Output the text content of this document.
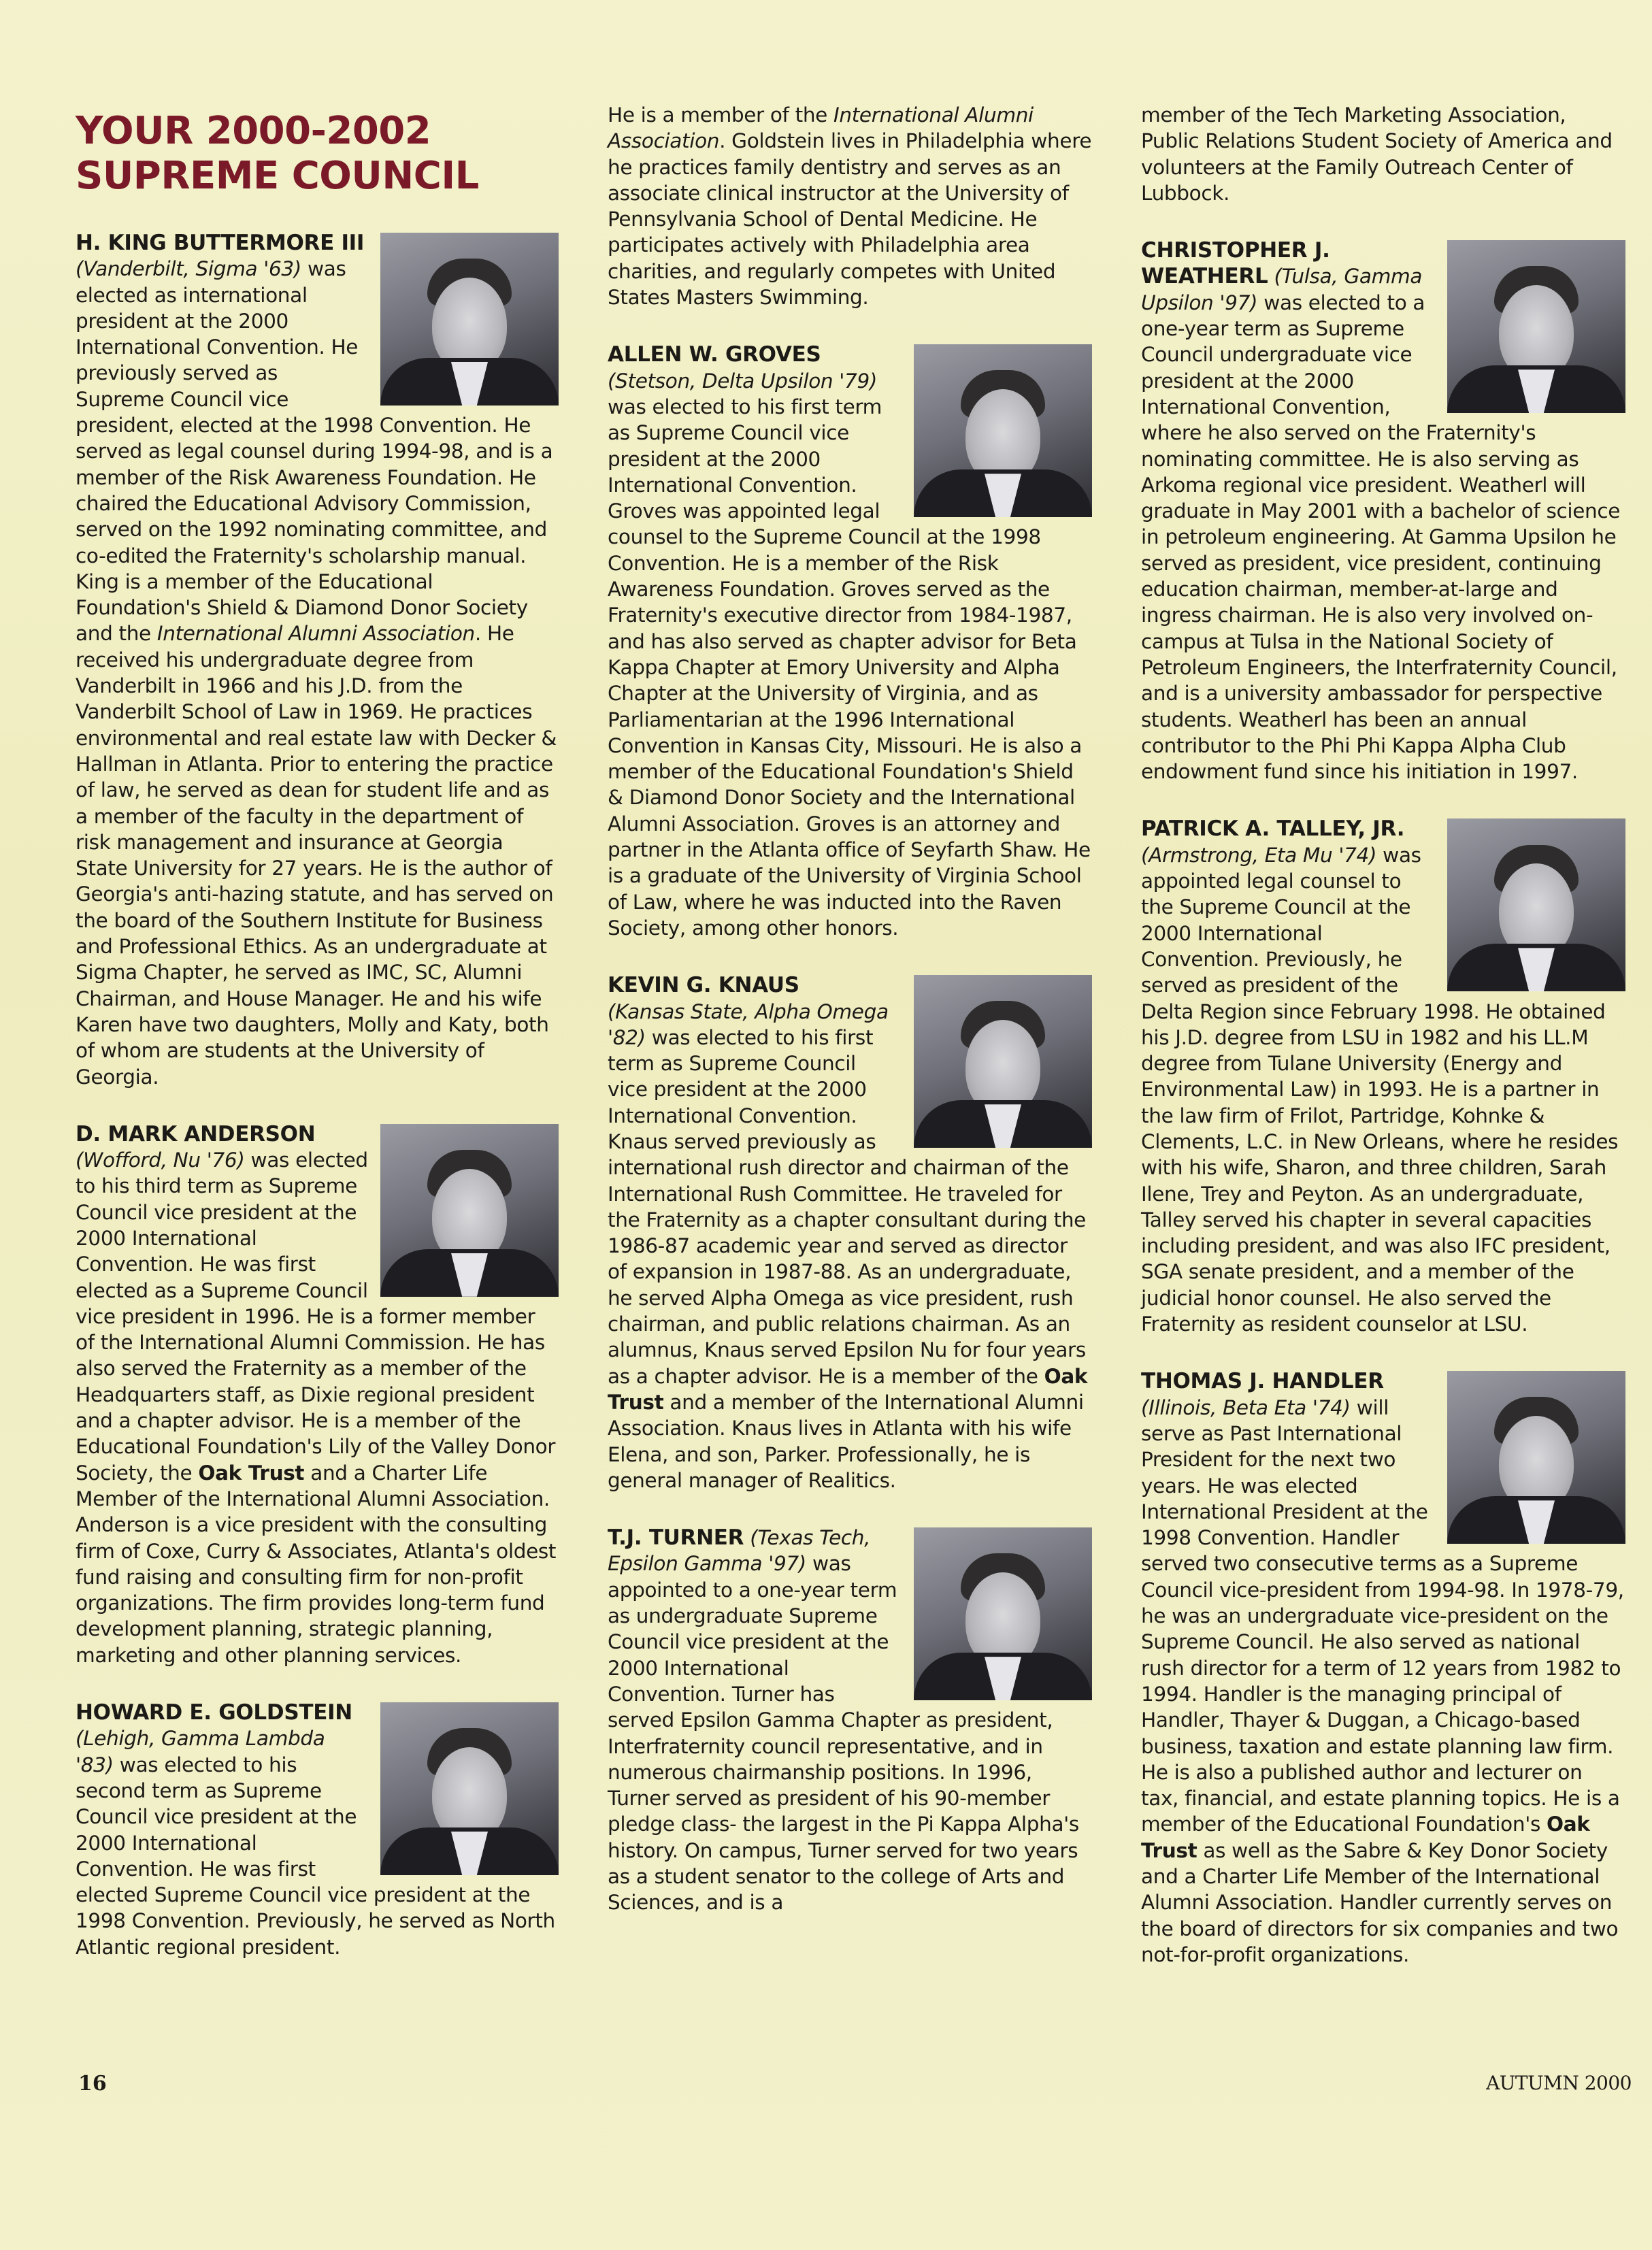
YOUR 2000-2002
SUPREME COUNCIL

H. KING BUTTERMORE III
(Vanderbilt, Sigma '63) was elected as international president at the 2000 International Convention. He previously served as Supreme Council vice president, elected at the 1998 Convention. He served as legal counsel during 1994-98, and is a member of the Risk Awareness Foundation. He chaired the Educational Advisory Commission, served on the 1992 nominating committee, and co-edited the Fraternity's scholarship manual. King is a member of the Educational Foundation's Shield & Diamond Donor Society and the International Alumni Association. He received his undergraduate degree from Vanderbilt in 1966 and his J.D. from the Vanderbilt School of Law in 1969. He practices environmental and real estate law with Decker & Hallman in Atlanta. Prior to entering the practice of law, he served as dean for student life and as a member of the faculty in the department of risk management and insurance at Georgia State University for 27 years. He is the author of Georgia's anti-hazing statute, and has served on the board of the Southern Institute for Business and Professional Ethics. As an undergraduate at Sigma Chapter, he served as IMC, SC, Alumni Chairman, and House Manager. He and his wife Karen have two daughters, Molly and Katy, both of whom are students at the University of Georgia.

D. MARK ANDERSON
(Wofford, Nu '76) was elected to his third term as Supreme Council vice president at the 2000 International Convention. He was first elected as a Supreme Council vice president in 1996. He is a former member of the International Alumni Commission. He has also served the Fraternity as a member of the Headquarters staff, as Dixie regional president and a chapter advisor. He is a member of the Educational Foundation's Lily of the Valley Donor Society, the Oak Trust and a Charter Life Member of the International Alumni Association. Anderson is a vice president with the consulting firm of Coxe, Curry & Associates, Atlanta's oldest fund raising and consulting firm for non-profit organizations. The firm provides long-term fund development planning, strategic planning, marketing and other planning services.

HOWARD E. GOLDSTEIN (Lehigh, Gamma Lambda '83) was elected to his second term as Supreme Council vice president at the 2000 International Convention. He was first elected Supreme Council vice president at the 1998 Convention. Previously, he served as North Atlantic regional president.

He is a member of the International Alumni Association. Goldstein lives in Philadelphia where he practices family dentistry and serves as an associate clinical instructor at the University of Pennsylvania School of Dental Medicine. He participates actively with Philadelphia area charities, and regularly competes with United States Masters Swimming.

ALLEN W. GROVES
(Stetson, Delta Upsilon '79) was elected to his first term as Supreme Council vice president at the 2000 International Convention. Groves was appointed legal counsel to the Supreme Council at the 1998 Convention. He is a member of the Risk Awareness Foundation. Groves served as the Fraternity's executive director from 1984-1987, and has also served as chapter advisor for Beta Kappa Chapter at Emory University and Alpha Chapter at the University of Virginia, and as Parliamentarian at the 1996 International Convention in Kansas City, Missouri. He is also a member of the Educational Foundation's Shield & Diamond Donor Society and the International Alumni Association. Groves is an attorney and partner in the Atlanta office of Seyfarth Shaw. He is a graduate of the University of Virginia School of Law, where he was inducted into the Raven Society, among other honors.

KEVIN G. KNAUS
(Kansas State, Alpha Omega '82) was elected to his first term as Supreme Council vice president at the 2000 International Convention. Knaus served previously as international rush director and chairman of the International Rush Committee. He traveled for the Fraternity as a chapter consultant during the 1986-87 academic year and served as director of expansion in 1987-88. As an undergraduate, he served Alpha Omega as vice president, rush chairman, and public relations chairman. As an alumnus, Knaus served Epsilon Nu for four years as a chapter advisor. He is a member of the Oak Trust and a member of the International Alumni Association. Knaus lives in Atlanta with his wife Elena, and son, Parker. Professionally, he is general manager of Realitics.

T.J. TURNER (Texas Tech, Epsilon Gamma '97) was appointed to a one-year term as undergraduate Supreme Council vice president at the 2000 International Convention. Turner has served Epsilon Gamma Chapter as president, Interfraternity council representative, and in numerous chairmanship positions. In 1996, Turner served as president of his 90-member pledge class- the largest in the Pi Kappa Alpha's history. On campus, Turner served for two years as a student senator to the college of Arts and Sciences, and is a

member of the Tech Marketing Association, Public Relations Student Society of America and volunteers at the Family Outreach Center of Lubbock.

CHRISTOPHER J. WEATHERL (Tulsa, Gamma Upsilon '97) was elected to a one-year term as Supreme Council undergraduate vice president at the 2000 International Convention, where he also served on the Fraternity's nominating committee. He is also serving as Arkoma regional vice president. Weatherl will graduate in May 2001 with a bachelor of science in petroleum engineering. At Gamma Upsilon he served as president, vice president, continuing education chairman, member-at-large and ingress chairman. He is also very involved on-campus at Tulsa in the National Society of Petroleum Engineers, the Interfraternity Council, and is a university ambassador for perspective students. Weatherl has been an annual contributor to the Phi Phi Kappa Alpha Club endowment fund since his initiation in 1997.

PATRICK A. TALLEY, JR.
(Armstrong, Eta Mu '74) was appointed legal counsel to the Supreme Council at the 2000 International Convention. Previously, he served as president of the Delta Region since February 1998. He obtained his J.D. degree from LSU in 1982 and his LL.M degree from Tulane University (Energy and Environmental Law) in 1993. He is a partner in the law firm of Frilot, Partridge, Kohnke & Clements, L.C. in New Orleans, where he resides with his wife, Sharon, and three children, Sarah Ilene, Trey and Peyton. As an undergraduate, Talley served his chapter in several capacities including president, and was also IFC president, SGA senate president, and a member of the judicial honor counsel. He also served the Fraternity as resident counselor at LSU.

THOMAS J. HANDLER
(Illinois, Beta Eta '74) will serve as Past International President for the next two years. He was elected International President at the 1998 Convention. Handler served two consecutive terms as a Supreme Council vice-president from 1994-98. In 1978-79, he was an undergraduate vice-president on the Supreme Council. He also served as national rush director for a term of 12 years from 1982 to 1994. Handler is the managing principal of Handler, Thayer & Duggan, a Chicago-based business, taxation and estate planning law firm. He is also a published author and lecturer on tax, financial, and estate planning topics. He is a member of the Educational Foundation's Oak Trust as well as the Sabre & Key Donor Society and a Charter Life Member of the International Alumni Association. Handler currently serves on the board of directors for six companies and two not-for-profit organizations.

16	AUTUMN 2000
